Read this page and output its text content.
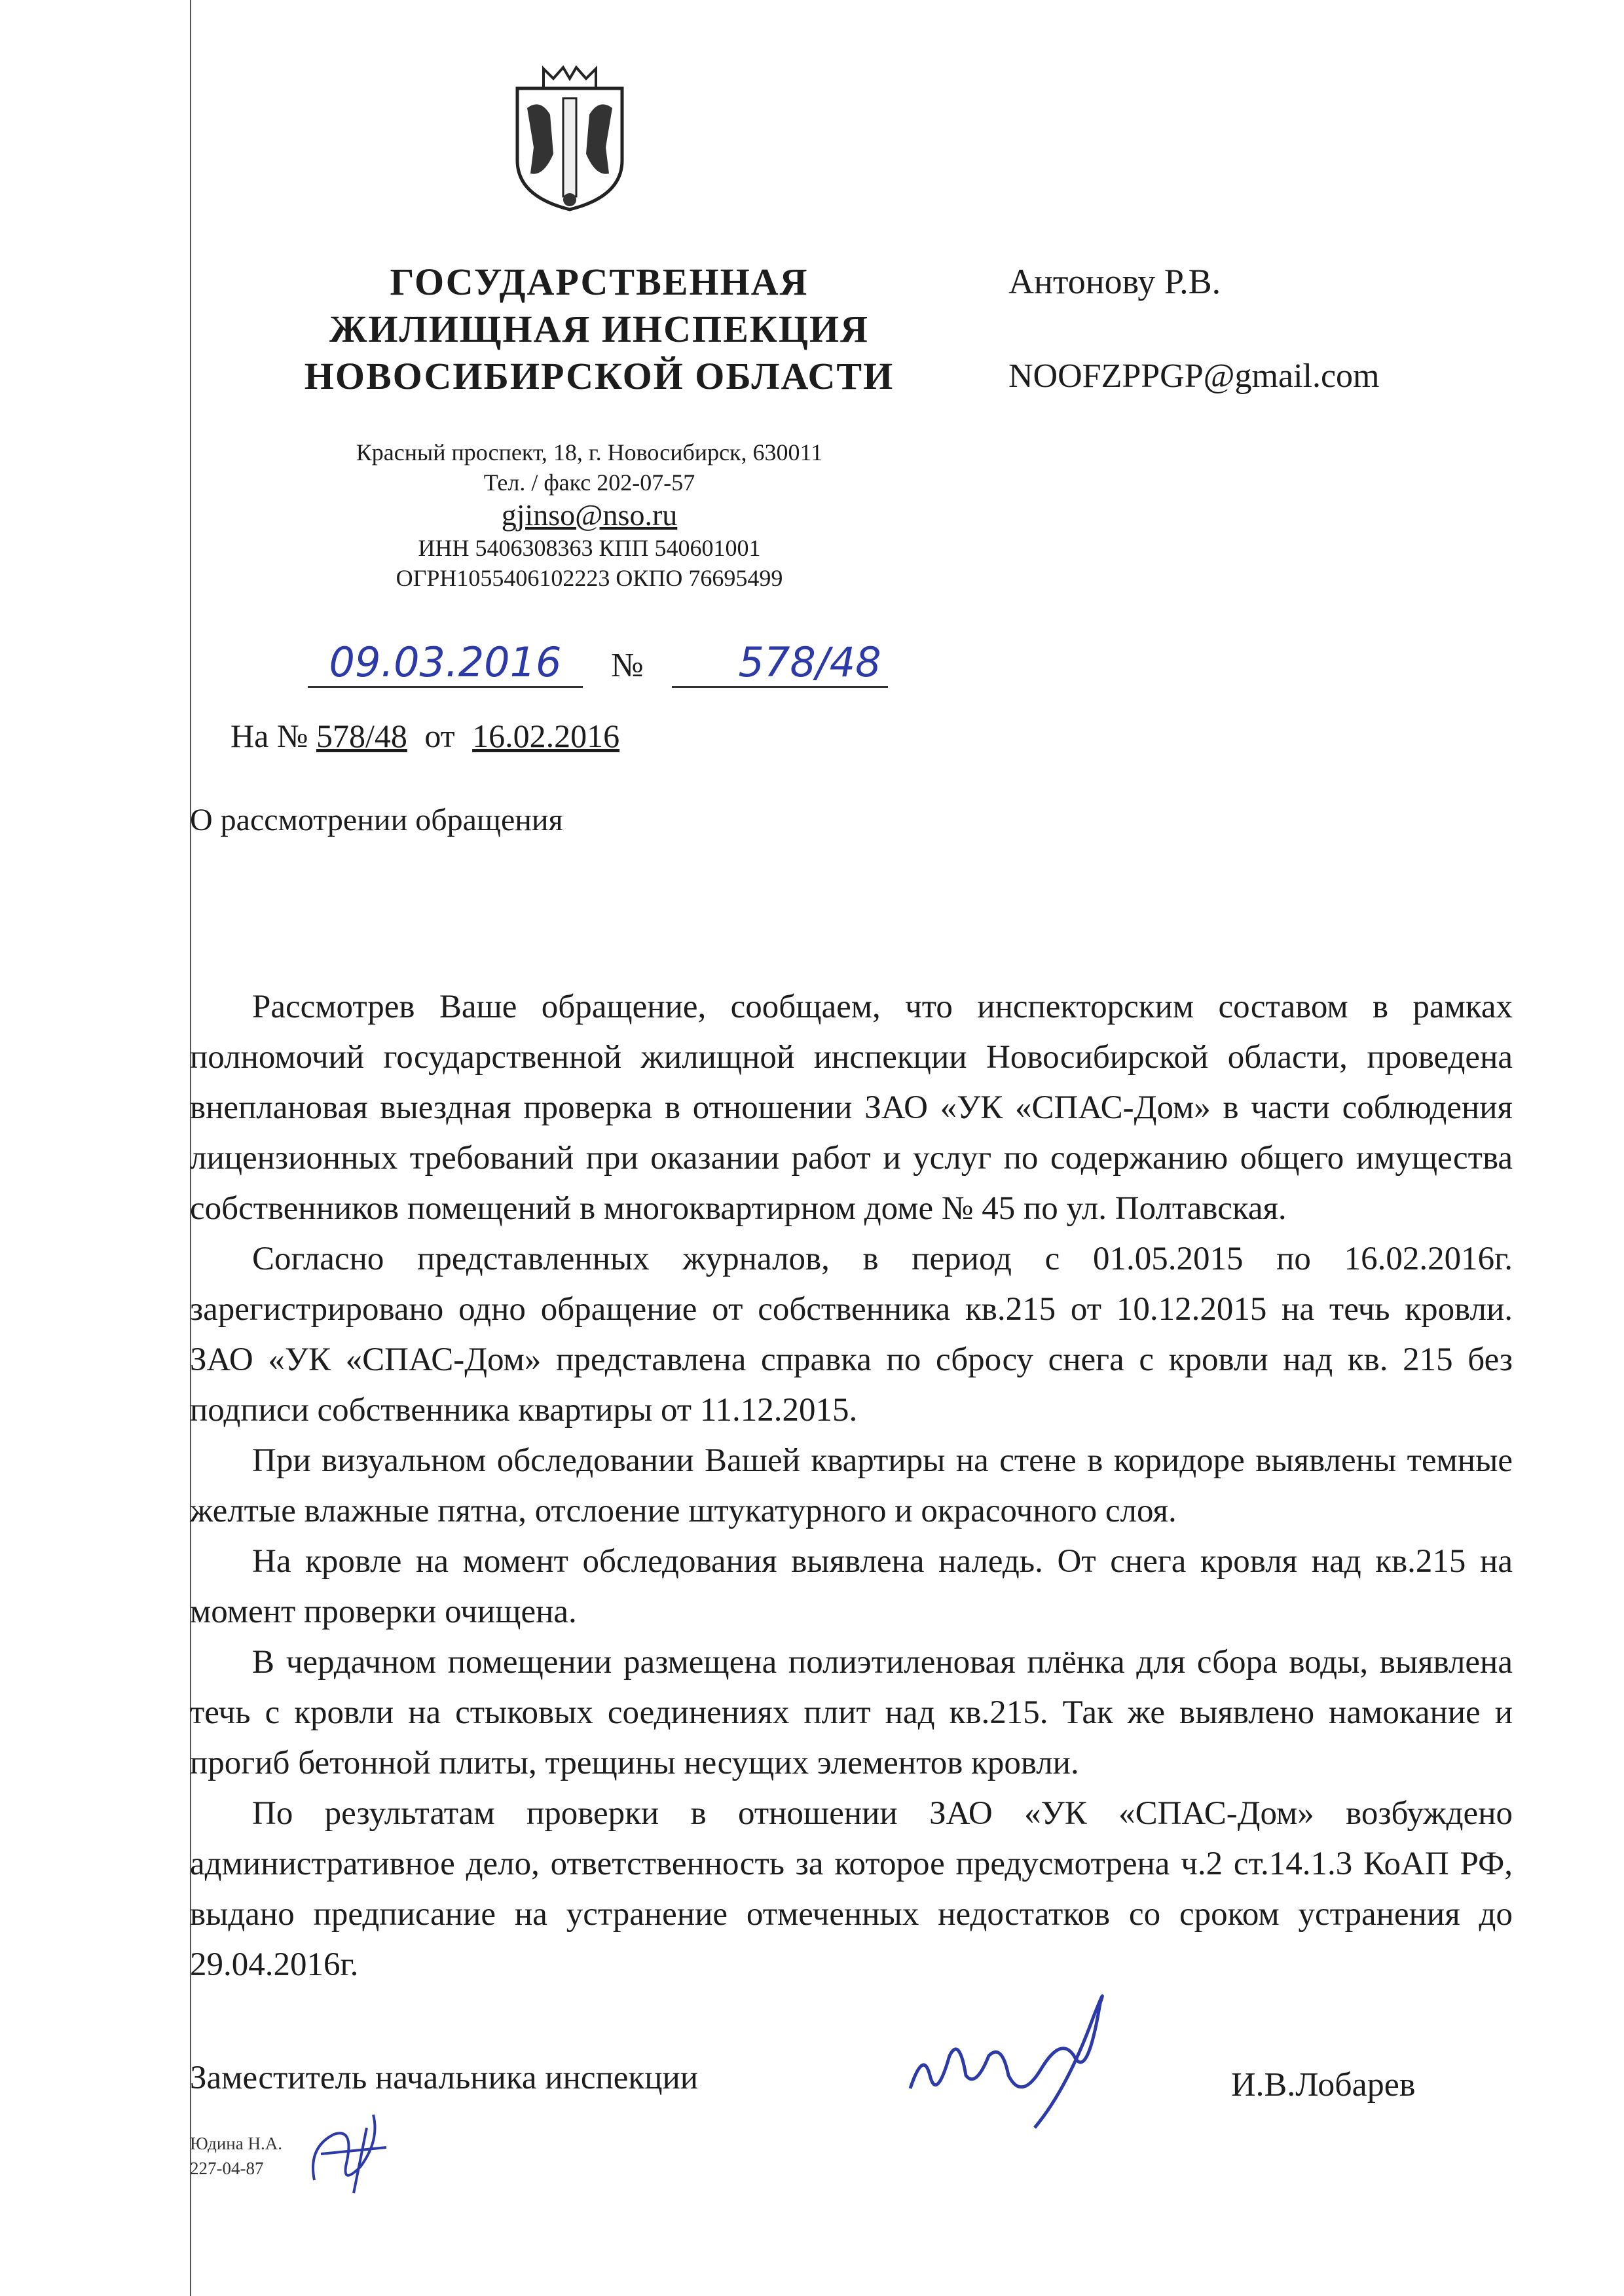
ГОСУДАРСТВЕННАЯ
ЖИЛИЩНАЯ ИНСПЕКЦИЯ
НОВОСИБИРСКОЙ ОБЛАСТИ
Красный проспект, 18, г. Новосибирск, 630011
Тел. / факс 202-07-57
gjinso@nso.ru
ИНН 5406308363 КПП 540601001
ОГРН1055406102223 ОКПО 76695499
Антонову Р.В.
NOOFZPPGP@gmail.com
09.03.2016 № 578/48
На № 578/48 от 16.02.2016
О рассмотрении обращения

Рассмотрев Ваше обращение, сообщаем, что инспекторским составом в рамках полномочий государственной жилищной инспекции Новосибирской области, проведена внеплановая выездная проверка в отношении ЗАО «УК «СПАС-Дом» в части соблюдения лицензионных требований при оказании работ и услуг по содержанию общего имущества собственников помещений в многоквартирном доме № 45 по ул. Полтавская.

Согласно представленных журналов, в период с 01.05.2015 по 16.02.2016г. зарегистрировано одно обращение от собственника кв.215 от 10.12.2015 на течь кровли. ЗАО «УК «СПАС-Дом» представлена справка по сбросу снега с кровли над кв. 215 без подписи собственника квартиры от 11.12.2015.

При визуальном обследовании Вашей квартиры на стене в коридоре выявлены темные желтые влажные пятна, отслоение штукатурного и окрасочного слоя.

На кровле на момент обследования выявлена наледь. От снега кровля над кв.215 на момент проверки очищена.

В чердачном помещении размещена полиэтиленовая плёнка для сбора воды, выявлена течь с кровли на стыковых соединениях плит над кв.215. Так же выявлено намокание и прогиб бетонной плиты, трещины несущих элементов кровли.

По результатам проверки в отношении ЗАО «УК «СПАС-Дом» возбуждено административное дело, ответственность за которое предусмотрена ч.2 ст.14.1.3 КоАП РФ, выдано предписание на устранение отмеченных недостатков со сроком устранения до 29.04.2016г.

Заместитель начальника инспекции	И.В.Лобарев
Юдина Н.А.
227-04-87
